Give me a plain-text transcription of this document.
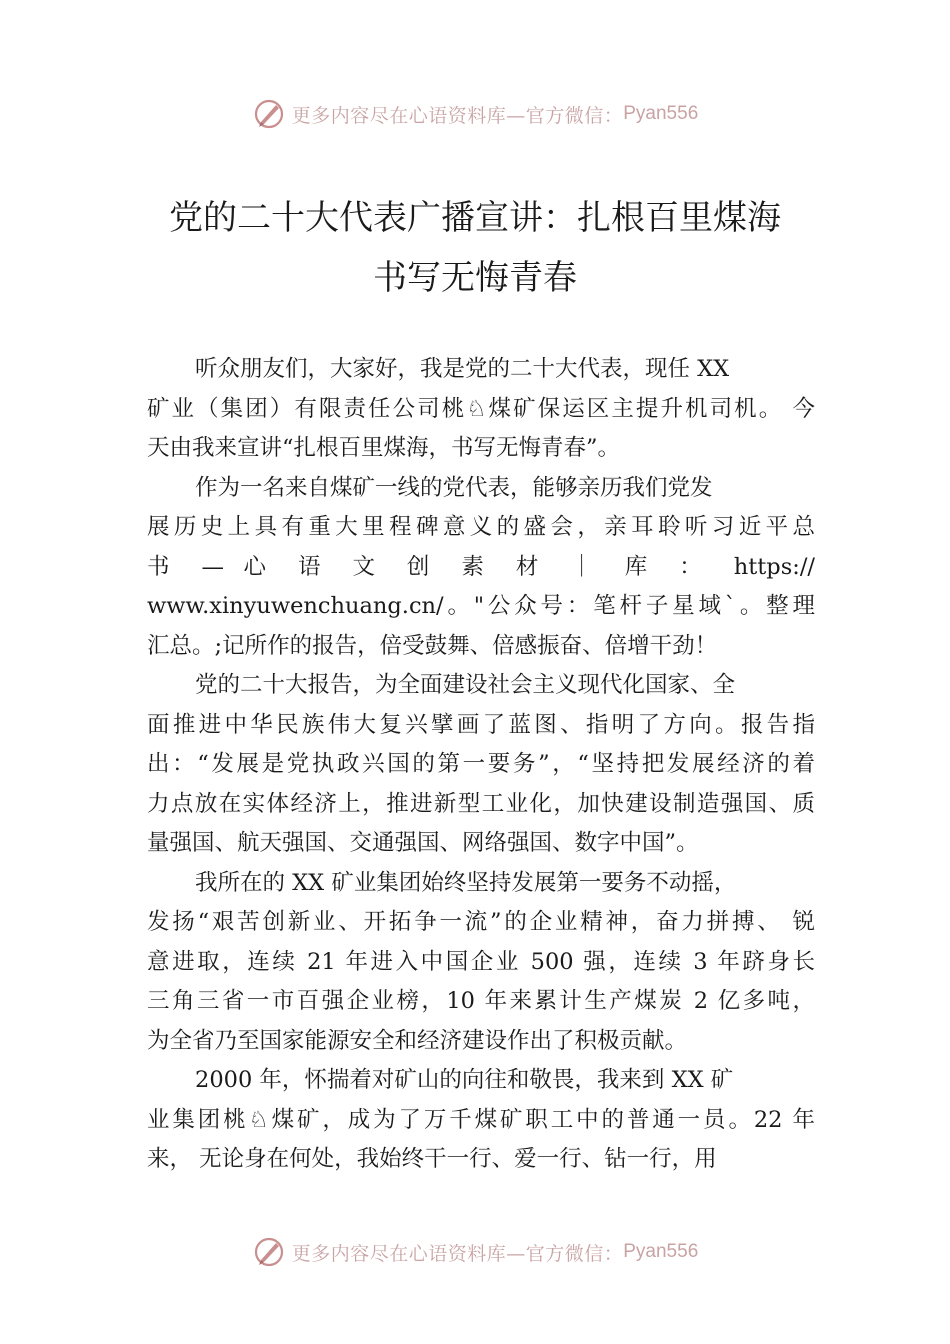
更多内容尽在心语资料库—官方微信： Pyan556
党的二十大代表广播宣讲：扎根百里煤海
书写无悔青春
听众朋友们，大家好，我是党的二十大代表，现任 XX
矿业（集团）有限责任公司桃♘煤矿保运区主提升机司机。 今
天由我来宣讲“扎根百里煤海，书写无悔青春”。
作为一名来自煤矿一线的党代表，能够亲历我们党发
展历史上具有重大里程碑意义的盛会，亲耳聆听习近平总
书 — 心 语 文 创 素 材 ｜ 库 ： https://
www.xinyuwenchuang.cn/。"公众号：笔杆子星域`。整理
汇总。;记所作的报告，倍受鼓舞、倍感振奋、倍增干劲！
党的二十大报告，为全面建设社会主义现代化国家、全
面推进中华民族伟大复兴擘画了蓝图、指明了方向。报告指
出：“发展是党执政兴国的第一要务”，“坚持把发展经济的着
力点放在实体经济上，推进新型工业化，加快建设制造强国、质
量强国、航天强国、交通强国、网络强国、数字中国”。
我所在的 XX 矿业集团始终坚持发展第一要务不动摇，
发扬“艰苦创新业、开拓争一流”的企业精神，奋力拼搏、 锐
意进取，连续 21 年进入中国企业 500 强，连续 3 年跻身长
三角三省一市百强企业榜，10 年来累计生产煤炭 2 亿多吨，
为全省乃至国家能源安全和经济建设作出了积极贡献。
2000 年，怀揣着对矿山的向往和敬畏，我来到 XX 矿
业集团桃♘煤矿，成为了万千煤矿职工中的普通一员。22 年
来， 无论身在何处，我始终干一行、爱一行、钻一行，用
更多内容尽在心语资料库—官方微信： Pyan556
